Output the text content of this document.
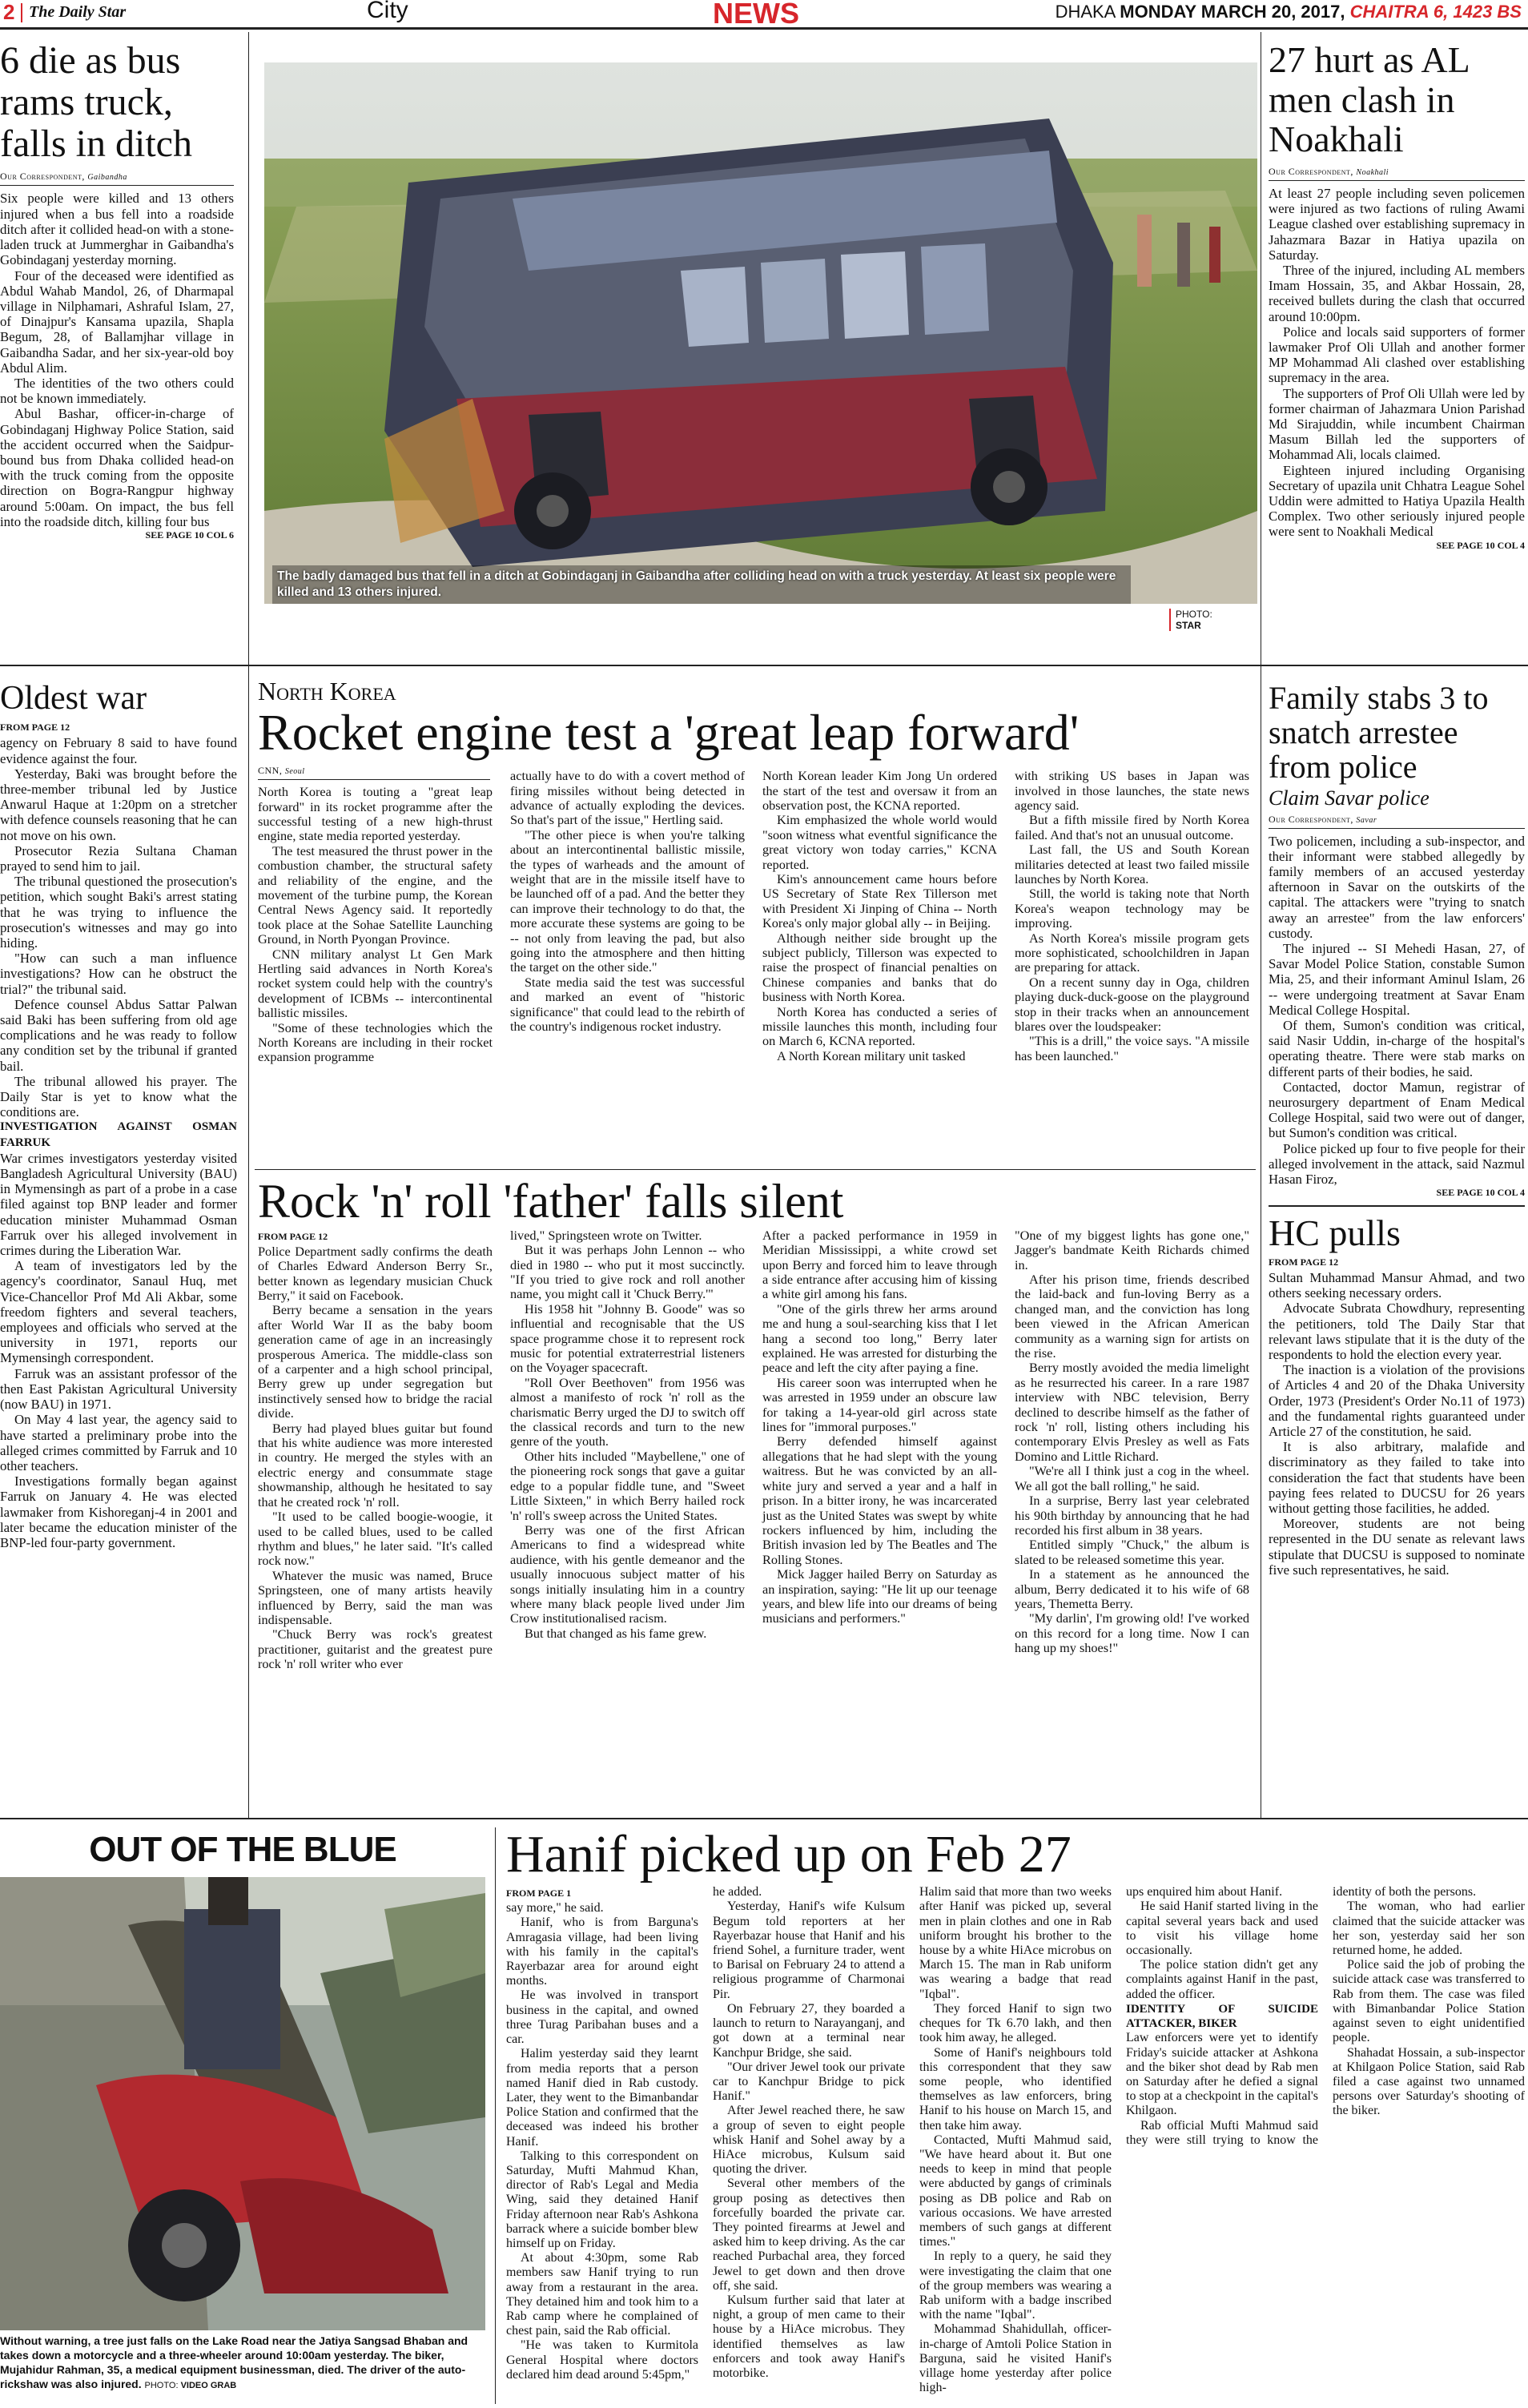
2 The Daily Star	City	NEWS	DHAKA MONDAY MARCH 20, 2017, CHAITRA 6, 1423 BS
6 die as bus rams truck, falls in ditch
Our Correspondent, Gaibandha

Six people were killed and 13 others injured when a bus fell into a roadside ditch after it collided head-on with a stone-laden truck at Jummerghar in Gaibandha's Gobindaganj yesterday morning.

Four of the deceased were identified as Abdul Wahab Mandol, 26, of Dharmapal village in Nilphamari, Ashraful Islam, 27, of Dinajpur's Kansama upazila, Shapla Begum, 28, of Ballamjhar village in Gaibandha Sadar, and her six-year-old boy Abdul Alim.

The identities of the two others could not be known immediately.

Abul Bashar, officer-in-charge of Gobindaganj Highway Police Station, said the accident occurred when the Saidpur-bound bus from Dhaka collided head-on with the truck coming from the opposite direction on Bogra-Rangpur highway around 5:00am. On impact, the bus fell into the roadside ditch, killing four bus

SEE PAGE 10 COL 6
The badly damaged bus that fell in a ditch at Gobindaganj in Gaibandha after colliding head on with a truck yesterday. At least six people were killed and 13 others injured.
PHOTO:
STAR
27 hurt as AL men clash in Noakhali
Our Correspondent, Noakhali

At least 27 people including seven policemen were injured as two factions of ruling Awami League clashed over establishing supremacy in Jahazmara Bazar in Hatiya upazila on Saturday.

Three of the injured, including AL members Imam Hossain, 35, and Akbar Hossain, 28, received bullets during the clash that occurred around 10:00pm.

Police and locals said supporters of former lawmaker Prof Oli Ullah and another former MP Mohammad Ali clashed over establishing supremacy in the area.

The supporters of Prof Oli Ullah were led by former chairman of Jahazmara Union Parishad Md Sirajuddin, while incumbent Chairman Masum Billah led the supporters of Mohammad Ali, locals claimed.

Eighteen injured including Organising Secretary of upazila unit Chhatra League Sohel Uddin were admitted to Hatiya Upazila Health Complex. Two other seriously injured people were sent to Noakhali Medical

SEE PAGE 10 COL 4
Oldest war
FROM PAGE 12

agency on February 8 said to have found evidence against the four.

Yesterday, Baki was brought before the three-member tribunal led by Justice Anwarul Haque at 1:20pm on a stretcher with defence counsels reasoning that he can not move on his own.

Prosecutor Rezia Sultana Chaman prayed to send him to jail.

The tribunal questioned the prosecution's petition, which sought Baki's arrest stating that he was trying to influence the prosecution's witnesses and may go into hiding.

"How can such a man influence investigations? How can he obstruct the trial?" the tribunal said.

Defence counsel Abdus Sattar Palwan said Baki has been suffering from old age complications and he was ready to follow any condition set by the tribunal if granted bail.

The tribunal allowed his prayer. The Daily Star is yet to know what the conditions are.

INVESTIGATION AGAINST OSMAN FARRUK

War crimes investigators yesterday visited Bangladesh Agricultural University (BAU) in Mymensingh as part of a probe in a case filed against top BNP leader and former education minister Muhammad Osman Farruk over his alleged involvement in crimes during the Liberation War.

A team of investigators led by the agency's coordinator, Sanaul Huq, met Vice-Chancellor Prof Md Ali Akbar, some freedom fighters and several teachers, employees and officials who served at the university in 1971, reports our Mymensingh correspondent.

Farruk was an assistant professor of the then East Pakistan Agricultural University (now BAU) in 1971.

On May 4 last year, the agency said to have started a preliminary probe into the alleged crimes committed by Farruk and 10 other teachers.

Investigations formally began against Farruk on January 4. He was elected lawmaker from Kishoreganj-4 in 2001 and later became the education minister of the BNP-led four-party government.

North Korea
Rocket engine test a 'great leap forward'
CNN, Seoul

North Korea is touting a "great leap forward" in its rocket programme after the successful testing of a new high-thrust engine, state media reported yesterday.

The test measured the thrust power in the combustion chamber, the structural safety and reliability of the engine, and the movement of the turbine pump, the Korean Central News Agency said. It reportedly took place at the Sohae Satellite Launching Ground, in North Pyongan Province.

CNN military analyst Lt Gen Mark Hertling said advances in North Korea's rocket system could help with the country's development of ICBMs -- intercontinental ballistic missiles.

"Some of these technologies which the North Koreans are including in their rocket expansion programme

actually have to do with a covert method of firing missiles without being detected in advance of actually exploding the devices. So that's part of the issue," Hertling said.

"The other piece is when you're talking about an intercontinental ballistic missile, the types of warheads and the amount of weight that are in the missile itself have to be launched off of a pad. And the better they can improve their technology to do that, the more accurate these systems are going to be -- not only from leaving the pad, but also going into the atmosphere and then hitting the target on the other side."

State media said the test was successful and marked an event of "historic significance" that could lead to the rebirth of the country's indigenous rocket industry.

North Korean leader Kim Jong Un ordered the start of the test and oversaw it from an observation post, the KCNA reported.

Kim emphasized the whole world would "soon witness what eventful significance the great victory won today carries," KCNA reported.

Kim's announcement came hours before US Secretary of State Rex Tillerson met with President Xi Jinping of China -- North Korea's only major global ally -- in Beijing.

Although neither side brought up the subject publicly, Tillerson was expected to raise the prospect of financial penalties on Chinese companies and banks that do business with North Korea.

North Korea has conducted a series of missile launches this month, including four on March 6, KCNA reported.

A North Korean military unit tasked

with striking US bases in Japan was involved in those launches, the state news agency said.

But a fifth missile fired by North Korea failed. And that's not an unusual outcome.

Last fall, the US and South Korean militaries detected at least two failed missile launches by North Korea.

Still, the world is taking note that North Korea's weapon technology may be improving.

As North Korea's missile program gets more sophisticated, schoolchildren in Japan are preparing for attack.

On a recent sunny day in Oga, children playing duck-duck-goose on the playground stop in their tracks when an announcement blares over the loudspeaker:

"This is a drill," the voice says. "A missile has been launched."

Family stabs 3 to snatch arrestee from police
Claim Savar police
Our Correspondent, Savar

Two policemen, including a sub-inspector, and their informant were stabbed allegedly by family members of an accused yesterday afternoon in Savar on the outskirts of the capital. The attackers were "trying to snatch away an arrestee" from the law enforcers' custody.

The injured -- SI Mehedi Hasan, 27, of Savar Model Police Station, constable Sumon Mia, 25, and their informant Aminul Islam, 26 -- were undergoing treatment at Savar Enam Medical College Hospital.

Of them, Sumon's condition was critical, said Nasir Uddin, in-charge of the hospital's operating theatre. There were stab marks on different parts of their bodies, he said.

Contacted, doctor Mamun, registrar of neurosurgery department of Enam Medical College Hospital, said two were out of danger, but Sumon's condition was critical.

Police picked up four to five people for their alleged involvement in the attack, said Nazmul Hasan Firoz,

SEE PAGE 10 COL 4
HC pulls
FROM PAGE 12

Sultan Muhammad Mansur Ahmad, and two others seeking necessary orders.

Advocate Subrata Chowdhury, representing the petitioners, told The Daily Star that relevant laws stipulate that it is the duty of the respondents to hold the election every year.

The inaction is a violation of the provisions of Articles 4 and 20 of the Dhaka University Order, 1973 (President's Order No.11 of 1973) and the fundamental rights guaranteed under Article 27 of the constitution, he said.

It is also arbitrary, malafide and discriminatory as they failed to take into consideration the fact that students have been paying fees related to DUCSU for 26 years without getting those facilities, he added.

Moreover, students are not being represented in the DU senate as relevant laws stipulate that DUCSU is supposed to nominate five such representatives, he said.

Rock 'n' roll 'father' falls silent
FROM PAGE 12

Police Department sadly confirms the death of Charles Edward Anderson Berry Sr., better known as legendary musician Chuck Berry," it said on Facebook.

Berry became a sensation in the years after World War II as the baby boom generation came of age in an increasingly prosperous America. The middle-class son of a carpenter and a high school principal, Berry grew up under segregation but instinctively sensed how to bridge the racial divide.

Berry had played blues guitar but found that his white audience was more interested in country. He merged the styles with an electric energy and consummate stage showmanship, although he hesitated to say that he created rock 'n' roll.

"It used to be called boogie-woogie, it used to be called blues, used to be called rhythm and blues," he later said. "It's called rock now."

Whatever the music was named, Bruce Springsteen, one of many artists heavily influenced by Berry, said the man was indispensable.

"Chuck Berry was rock's greatest practitioner, guitarist and the greatest pure rock 'n' roll writer who ever

lived," Springsteen wrote on Twitter.

But it was perhaps John Lennon -- who died in 1980 -- who put it most succinctly. "If you tried to give rock and roll another name, you might call it 'Chuck Berry.'"

His 1958 hit "Johnny B. Goode" was so influential and recognisable that the US space programme chose it to represent rock music for potential extraterrestrial listeners on the Voyager spacecraft.

"Roll Over Beethoven" from 1956 was almost a manifesto of rock 'n' roll as the charismatic Berry urged the DJ to switch off the classical records and turn to the new genre of the youth.

Other hits included "Maybellene," one of the pioneering rock songs that gave a guitar edge to a popular fiddle tune, and "Sweet Little Sixteen," in which Berry hailed rock 'n' roll's sweep across the United States.

Berry was one of the first African Americans to find a widespread white audience, with his gentle demeanor and the usually innocuous subject matter of his songs initially insulating him in a country where many black people lived under Jim Crow institutionalised racism.

But that changed as his fame grew.

After a packed performance in 1959 in Meridian Mississippi, a white crowd set upon Berry and forced him to leave through a side entrance after accusing him of kissing a white girl among his fans.

"One of the girls threw her arms around me and hung a soul-searching kiss that I let hang a second too long," Berry later explained. He was arrested for disturbing the peace and left the city after paying a fine.

His career soon was interrupted when he was arrested in 1959 under an obscure law for taking a 14-year-old girl across state lines for "immoral purposes."

Berry defended himself against allegations that he had slept with the young waitress. But he was convicted by an all-white jury and served a year and a half in prison. In a bitter irony, he was incarcerated just as the United States was swept by white rockers influenced by him, including the British invasion led by The Beatles and The Rolling Stones.

Mick Jagger hailed Berry on Saturday as an inspiration, saying: "He lit up our teenage years, and blew life into our dreams of being musicians and performers."

"One of my biggest lights has gone one," Jagger's bandmate Keith Richards chimed in.

After his prison time, friends described the laid-back and fun-loving Berry as a changed man, and the conviction has long been viewed in the African American community as a warning sign for artists on the rise.

Berry mostly avoided the media limelight as he resurrected his career. In a rare 1987 interview with NBC television, Berry declined to describe himself as the father of rock 'n' roll, listing others including his contemporary Elvis Presley as well as Fats Domino and Little Richard.

"We're all I think just a cog in the wheel. We all got the ball rolling," he said.

In a surprise, Berry last year celebrated his 90th birthday by announcing that he had recorded his first album in 38 years.

Entitled simply "Chuck," the album is slated to be released sometime this year.

In a statement as he announced the album, Berry dedicated it to his wife of 68 years, Themetta Berry.

"My darlin', I'm growing old! I've worked on this record for a long time. Now I can hang up my shoes!"

OUT OF THE BLUE
Without warning, a tree just falls on the Lake Road near the Jatiya Sangsad Bhaban and takes down a motorcycle and a three-wheeler around 10:00am yesterday. The biker, Mujahidur Rahman, 35, a medical equipment businessman, died. The driver of the auto-rickshaw was also injured. PHOTO: VIDEO GRAB
Hanif picked up on Feb 27
FROM PAGE 1

say more," he said.

Hanif, who is from Barguna's Amragasia village, had been living with his family in the capital's Rayerbazar area for around eight months.

He was involved in transport business in the capital, and owned three Turag Paribahan buses and a car.

Halim yesterday said they learnt from media reports that a person named Hanif died in Rab custody. Later, they went to the Bimanbandar Police Station and confirmed that the deceased was indeed his brother Hanif.

Talking to this correspondent on Saturday, Mufti Mahmud Khan, director of Rab's Legal and Media Wing, said they detained Hanif Friday afternoon near Rab's Ashkona barrack where a suicide bomber blew himself up on Friday.

At about 4:30pm, some Rab members saw Hanif trying to run away from a restaurant in the area. They detained him and took him to a Rab camp where he complained of chest pain, said the Rab official.

"He was taken to Kurmitola General Hospital where doctors declared him dead around 5:45pm,"

he added.

Yesterday, Hanif's wife Kulsum Begum told reporters at her Rayerbazar house that Hanif and his friend Sohel, a furniture trader, went to Barisal on February 24 to attend a religious programme of Charmonai Pir.

On February 27, they boarded a launch to return to Narayanganj, and got down at a terminal near Kanchpur Bridge, she said.

"Our driver Jewel took our private car to Kanchpur Bridge to pick Hanif."

After Jewel reached there, he saw a group of seven to eight people whisk Hanif and Sohel away by a HiAce microbus, Kulsum said quoting the driver.

Several other members of the group posing as detectives then forcefully boarded the private car. They pointed firearms at Jewel and asked him to keep driving. As the car reached Purbachal area, they forced Jewel to get down and then drove off, she said.

Kulsum further said that later at night, a group of men came to their house by a HiAce microbus. They identified themselves as law enforcers and took away Hanif's motorbike.

Halim said that more than two weeks after Hanif was picked up, several men in plain clothes and one in Rab uniform brought his brother to the house by a white HiAce microbus on March 15. The man in Rab uniform was wearing a badge that read "Iqbal".

They forced Hanif to sign two cheques for Tk 6.70 lakh, and then took him away, he alleged.

Some of Hanif's neighbours told this correspondent that they saw some people, who identified themselves as law enforcers, bring Hanif to his house on March 15, and then take him away.

Contacted, Mufti Mahmud said, "We have heard about it. But one needs to keep in mind that people were abducted by gangs of criminals posing as DB police and Rab on various occasions. We have arrested members of such gangs at different times."

In reply to a query, he said they were investigating the claim that one of the group members was wearing a Rab uniform with a badge inscribed with the name "Iqbal".

Mohammad Shahidullah, officer-in-charge of Amtoli Police Station in Barguna, said he visited Hanif's village home yesterday after police high-

ups enquired him about Hanif.

He said Hanif started living in the capital several years back and used to visit his village home occasionally.

The police station didn't get any complaints against Hanif in the past, added the officer.

IDENTITY OF SUICIDE ATTACKER, BIKER

Law enforcers were yet to identify Friday's suicide attacker at Ashkona and the biker shot dead by Rab men on Saturday after he defied a signal to stop at a checkpoint in the capital's Khilgaon.

Rab official Mufti Mahmud said they were still trying to know the identity of both the persons.

The woman, who had earlier claimed that the suicide attacker was her son, yesterday said her son returned home, he added.

Police said the job of probing the suicide attack case was transferred to Rab from them. The case was filed with Bimanbandar Police Station against seven to eight unidentified people.

Shahadat Hossain, a sub-inspector at Khilgaon Police Station, said Rab filed a case against two unnamed persons over Saturday's shooting of the biker.
